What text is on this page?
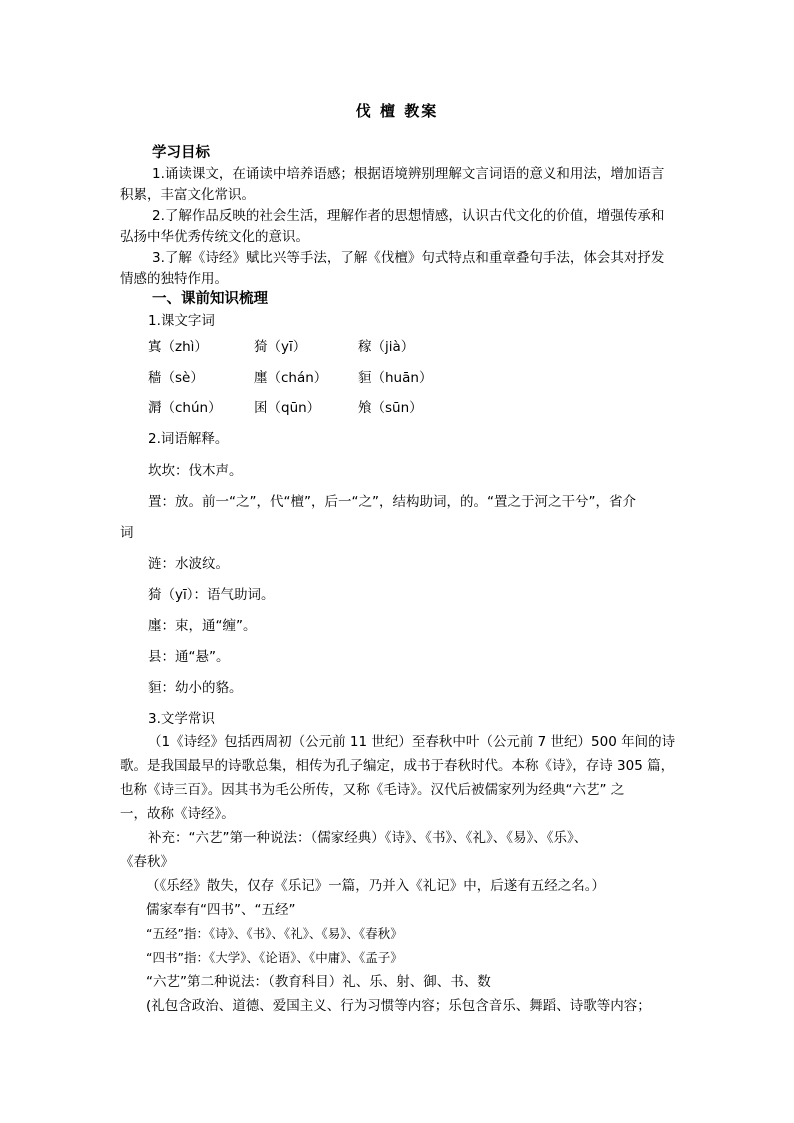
伐 檀 教案
学习目标
1.诵读课文，在诵读中培养语感；根据语境辨别理解文言词语的意义和用法，增加语言
积累，丰富文化常识。
2.了解作品反映的社会生活，理解作者的思想情感，认识古代文化的价值，增强传承和
弘扬中华优秀传统文化的意识。
3.了解《诗经》赋比兴等手法，了解《伐檀》句式特点和重章叠句手法，体会其对抒发
情感的独特作用。
一、课前知识梳理
1.课文字词
寘（zhì）	猗（yī）	稼（jià）
穑（sè）	廛（chán） 貆（huān）
漘（chún） 囷（qūn）	飧（sūn）
2.词语解释。
坎坎：伐木声。
置：放。前一“之”，代“檀”，后一“之”，结构助词，的。“置之于河之干兮”，省介
词
涟：水波纹。
猗（yī）：语气助词。
廛：束，通“缠”。
县：通“悬”。
貆：幼小的貉。
3.文学常识
（1《诗经》包括西周初（公元前 11 世纪）至春秋中叶（公元前 7 世纪）500 年间的诗
歌。是我国最早的诗歌总集，相传为孔子编定，成书于春秋时代。本称《诗》，存诗 305 篇，
也称《诗三百》。因其书为毛公所传，又称《毛诗》。汉代后被儒家列为经典“六艺” 之
一，故称《诗经》。
补充：“六艺”第一种说法：（儒家经典）《诗》、《书》、《礼》、《易》、《乐》、
《春秋》
（《乐经》散失，仅存《乐记》一篇，乃并入《礼记》中，后遂有五经之名。）
儒家奉有“四书”、“五经”
“五经”指：《诗》、《书》、《礼》、《易》、《春秋》
“四书”指：《大学》、《论语》、《中庸》、《孟子》
“六艺”第二种说法：（教育科目）礼、乐、射、御、书、数
(礼包含政治、道德、爱国主义、行为习惯等内容；乐包含音乐、舞蹈、诗歌等内容；
